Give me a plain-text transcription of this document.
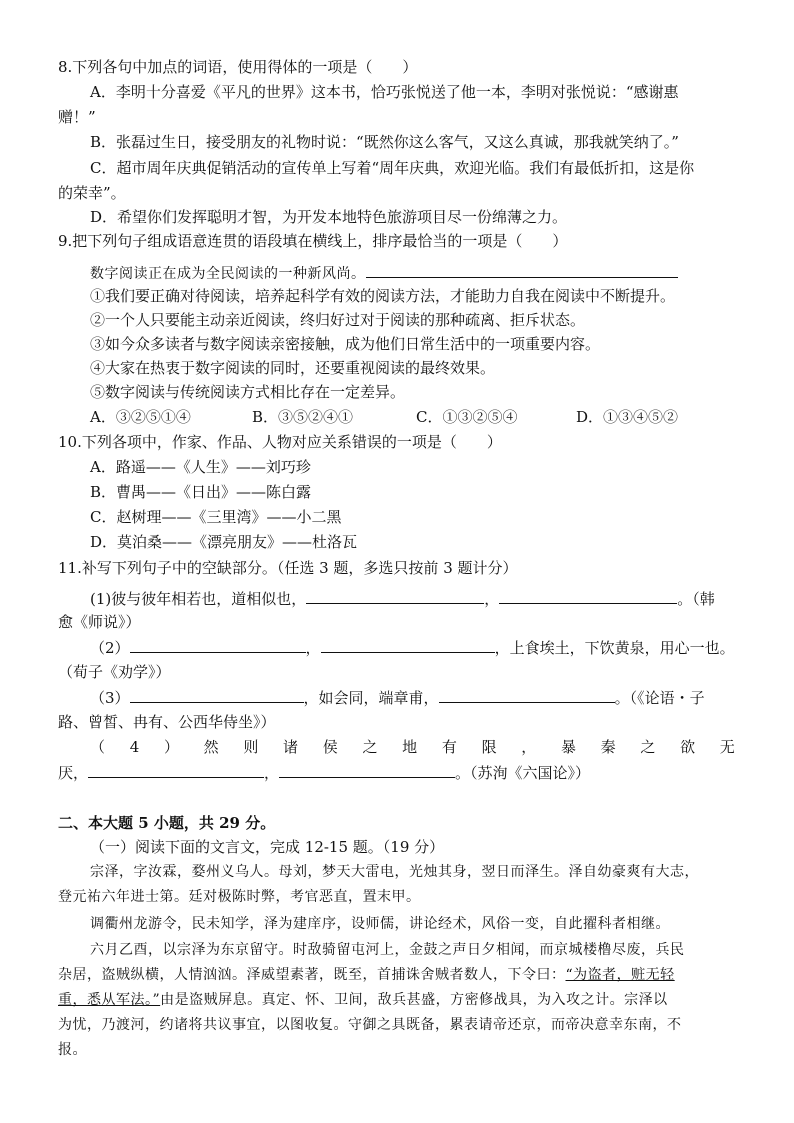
8.下列各句中加点的词语，使用得体的一项是（　　）
A．李明十分喜爱《平凡的世界》这本书，恰巧张悦送了他一本，李明对张悦说：“感谢惠
赠！”
B．张磊过生日，接受朋友的礼物时说：“既然你这么客气，又这么真诚，那我就笑纳了。”
C．超市周年庆典促销活动的宣传单上写着“周年庆典，欢迎光临。我们有最低折扣，这是你
的荣幸”。
D．希望你们发挥聪明才智，为开发本地特色旅游项目尽一份绵薄之力。
9.把下列句子组成语意连贯的语段填在横线上，排序最恰当的一项是（　　）
数字阅读正在成为全民阅读的一种新风尚。
①我们要正确对待阅读，培养起科学有效的阅读方法，才能助力自我在阅读中不断提升。
②一个人只要能主动亲近阅读，终归好过对于阅读的那种疏离、拒斥状态。
③如今众多读者与数字阅读亲密接触，成为他们日常生活中的一项重要内容。
④大家在热衷于数字阅读的同时，还要重视阅读的最终效果。
⑤数字阅读与传统阅读方式相比存在一定差异。
A．③②⑤①④	B．③⑤②④①	C．①③②⑤④	D．①③④⑤②
10.下列各项中，作家、作品、人物对应关系错误的一项是（　　）
A．路遥——《人生》——刘巧珍
B．曹禺——《日出》——陈白露
C．赵树理——《三里湾》——小二黑
D．莫泊桑——《漂亮朋友》——杜洛瓦
11.补写下列句子中的空缺部分。（任选 3 题，多选只按前 3 题计分）
(1)彼与彼年相若也，道相似也，	，	。（韩
愈《师说》）
（2）	，	，上食埃土，下饮黄泉，用心一也。
（荀子《劝学》）
（3）	，如会同，端章甫，	。（《论语・子
路、曾皙、冉有、公西华侍坐》）
（ 4 ） 然 则 诸 侯 之 地 有 限 ， 暴 秦 之 欲 无
厌，	，	。（苏洵《六国论》）
二、本大题 5 小题，共 29 分。
（一）阅读下面的文言文，完成 12-15 题。（19 分）
宗泽，字汝霖，婺州义乌人。母刘，梦天大雷电，光烛其身，翌日而泽生。泽自幼豪爽有大志，
登元祐六年进士第。廷对极陈时弊，考官恶直，置末甲。
调衢州龙游令，民未知学，泽为建庠序，设师儒，讲论经术，风俗一变，自此擢科者相继。
六月乙酉，以宗泽为东京留守。时敌骑留屯河上，金鼓之声日夕相闻，而京城楼橹尽废，兵民
杂居，盗贼纵横，人情汹汹。泽威望素著，既至，首捕诛舍贼者数人，下令曰：“为盗者，赃无轻
重，悉从军法。”由是盗贼屏息。真定、怀、卫间，敌兵甚盛，方密修战具，为入攻之计。宗泽以
为忧，乃渡河，约诸将共议事宜，以图收复。守御之具既备，累表请帝还京，而帝决意幸东南，不
报。
